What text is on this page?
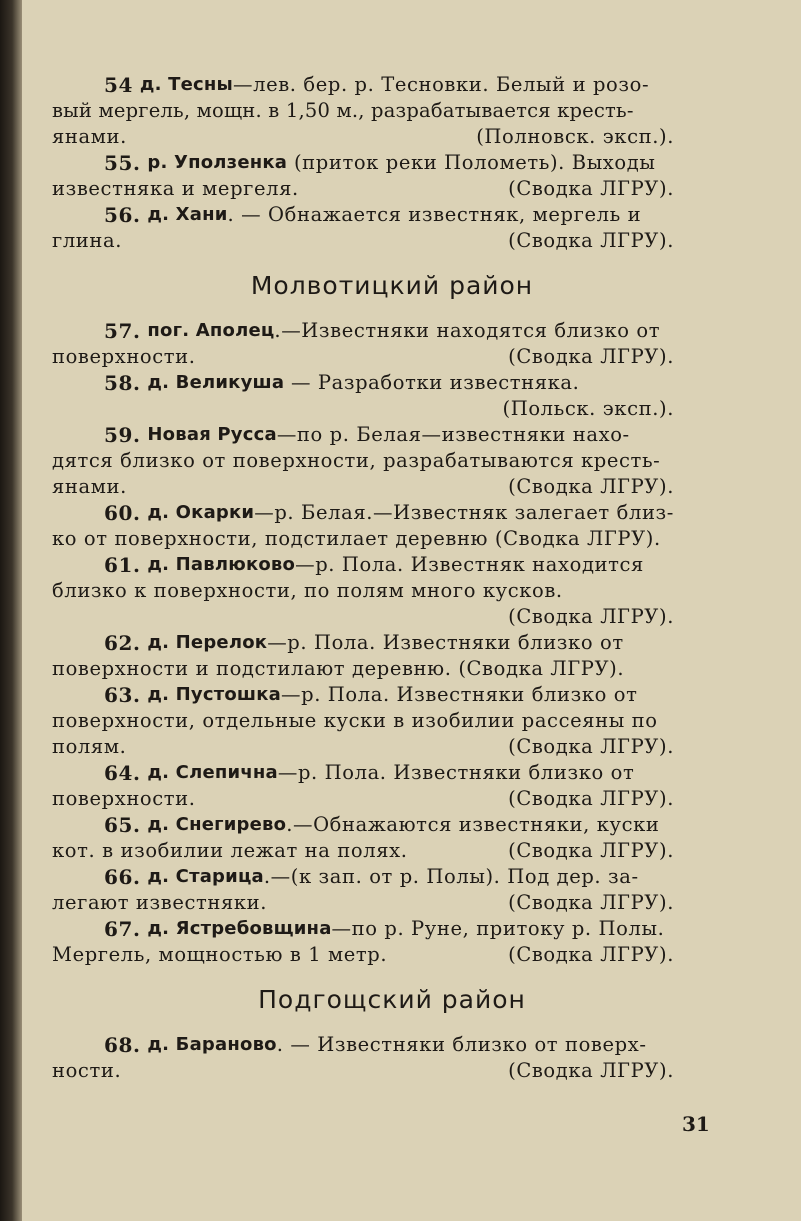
54
д. Тесны —лев. бер. р. Тесновки. Белый и розо-
вый мергель, мощн. в 1,50 м., разрабатывается кресть-
янами.	(Полновск. эксп.).
55.
р. Уползенка
(приток реки Полометь). Выходы
известняка и мергеля.	(Сводка ЛГРУ).
56.
д. Хани . — Обнажается известняк, мергель и
глина.	(Сводка ЛГРУ).
Молвотицкий район
57.
пог. Аполец .—Известняки находятся близко от
поверхности.	(Сводка ЛГРУ).
58.
д. Великуша
— Разработки известняка.
(Польск. эксп.).
59.
Новая Русса —по р. Белая—известняки нахо-
дятся близко от поверхности, разрабатываются кресть-
янами.	(Сводка ЛГРУ).
60.
д. Окарки —р. Белая.—Известняк залегает близ-
ко от поверхности, подстилает деревню (Сводка ЛГРУ).
61.
д. Павлюково —р. Пола. Известняк находится
близко к поверхности, по полям много кусков.
(Сводка ЛГРУ).
62.
д. Перелок —р. Пола. Известняки близко от
поверхности и подстилают деревню. (Сводка ЛГРУ).
63.
д. Пустошка —р. Пола. Известняки близко от
поверхности, отдельные куски в изобилии рассеяны по
полям.	(Сводка ЛГРУ).
64.
д. Слепична —р. Пола. Известняки близко от
поверхности.	(Сводка ЛГРУ).
65.
д. Снегирево .—Обнажаются известняки, куски
кот. в изобилии лежат на полях.	(Сводка ЛГРУ).
66.
д. Старица .—(к зап. от р. Полы). Под дер. за-
легают известняки.	(Сводка ЛГРУ).
67.
д. Ястребовщина —по р. Руне, притоку р. Полы.
Мергель, мощностью в 1 метр.	(Сводка ЛГРУ).
Подгощский район
68.
д. Бараново . — Известняки близко от поверх-
ности.	(Сводка ЛГРУ).
31
